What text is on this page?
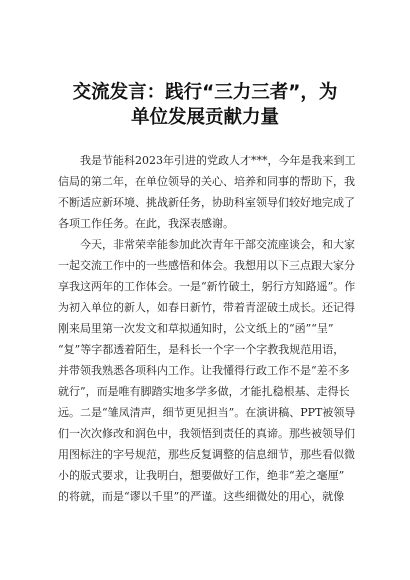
交流发言：践行“三力三者”，为
单位发展贡献力量
　　我是节能科2023年引进的党政人才***，今年是我来到工
信局的第二年，在单位领导的关心、培养和同事的帮助下，我
不断适应新环境、挑战新任务，协助科室领导们较好地完成了
各项工作任务。在此，我深表感谢。
　　今天，非常荣幸能参加此次青年干部交流座谈会，和大家
一起交流工作中的一些感悟和体会。我想用以下三点跟大家分
享我这两年的工作体会。一是“新竹破土，躬行方知路遥”。作
为初入单位的新人，如春日新竹，带着青涩破土成长。还记得
刚来局里第一次发文和草拟通知时，公文纸上的“函”“呈”
“复”等字都透着陌生，是科长一个字一个字教我规范用语，
并带领我熟悉各项科内工作。让我懂得行政工作不是“差不多
就行”，而是唯有脚踏实地多学多做，才能扎稳根基、走得长
远。二是“雏凤清声，细节更见担当”。在演讲稿、PPT被领导
们一次次修改和润色中，我领悟到责任的真谛。那些被领导们
用图标注的字号规范，那些反复调整的信息细节，那些看似微
小的版式要求，让我明白，想要做好工作，绝非“差之毫厘”
的将就，而是“谬以千里”的严谨。这些细微处的用心，就像
